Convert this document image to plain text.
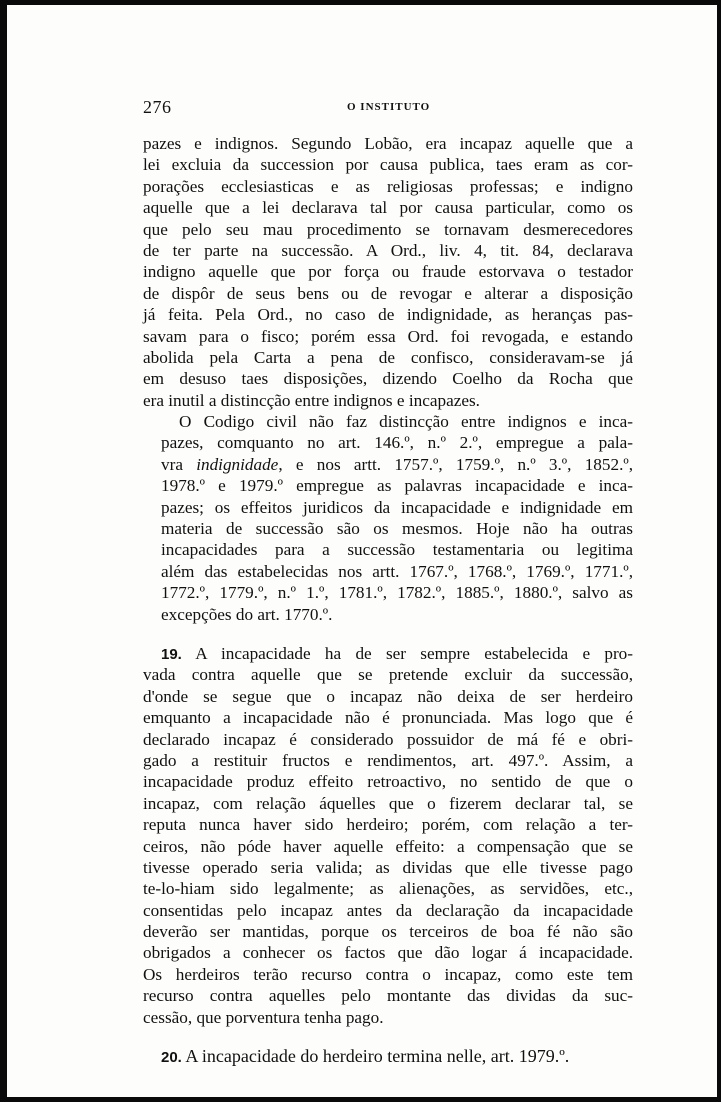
276	O INSTITUTO
pazes e indignos. Segundo Lobão, era incapaz aquelle que a
lei excluia da succession por causa publica, taes eram as cor-
porações ecclesiasticas e as religiosas professas; e indigno
aquelle que a lei declarava tal por causa particular, como os
que pelo seu mau procedimento se tornavam desmerecedores
de ter parte na successão. A Ord., liv. 4, tit. 84, declarava
indigno aquelle que por força ou fraude estorvava o testador
de dispôr de seus bens ou de revogar e alterar a disposição
já feita. Pela Ord., no caso de indignidade, as heranças pas-
savam para o fisco; porém essa Ord. foi revogada, e estando
abolida pela Carta a pena de confisco, consideravam-se já
em desuso taes disposições, dizendo Coelho da Rocha que
era inutil a distincção entre indignos e incapazes.
O Codigo civil não faz distincção entre indignos e inca-
pazes, comquanto no art. 146.º, n.º 2.º, empregue a pala-
vra indignidade, e nos artt. 1757.º, 1759.º, n.º 3.º, 1852.º,
1978.º e 1979.º empregue as palavras incapacidade e inca-
pazes; os effeitos juridicos da incapacidade e indignidade em
materia de successão são os mesmos. Hoje não ha outras
incapacidades para a successão testamentaria ou legitima
além das estabelecidas nos artt. 1767.º, 1768.º, 1769.º, 1771.º,
1772.º, 1779.º, n.º 1.º, 1781.º, 1782.º, 1885.º, 1880.º, salvo as
excepções do art. 1770.º.
19. A incapacidade ha de ser sempre estabelecida e pro-
vada contra aquelle que se pretende excluir da successão,
d'onde se segue que o incapaz não deixa de ser herdeiro
emquanto a incapacidade não é pronunciada. Mas logo que é
declarado incapaz é considerado possuidor de má fé e obri-
gado a restituir fructos e rendimentos, art. 497.º. Assim, a
incapacidade produz effeito retroactivo, no sentido de que o
incapaz, com relação áquelles que o fizerem declarar tal, se
reputa nunca haver sido herdeiro; porém, com relação a ter-
ceiros, não póde haver aquelle effeito: a compensação que se
tivesse operado seria valida; as dividas que elle tivesse pago
te-lo-hiam sido legalmente; as alienações, as servidões, etc.,
consentidas pelo incapaz antes da declaração da incapacidade
deverão ser mantidas, porque os terceiros de boa fé não são
obrigados a conhecer os factos que dão logar á incapacidade.
Os herdeiros terão recurso contra o incapaz, como este tem
recurso contra aquelles pelo montante das dividas da suc-
cessão, que porventura tenha pago.
20. A incapacidade do herdeiro termina nelle, art. 1979.º.
